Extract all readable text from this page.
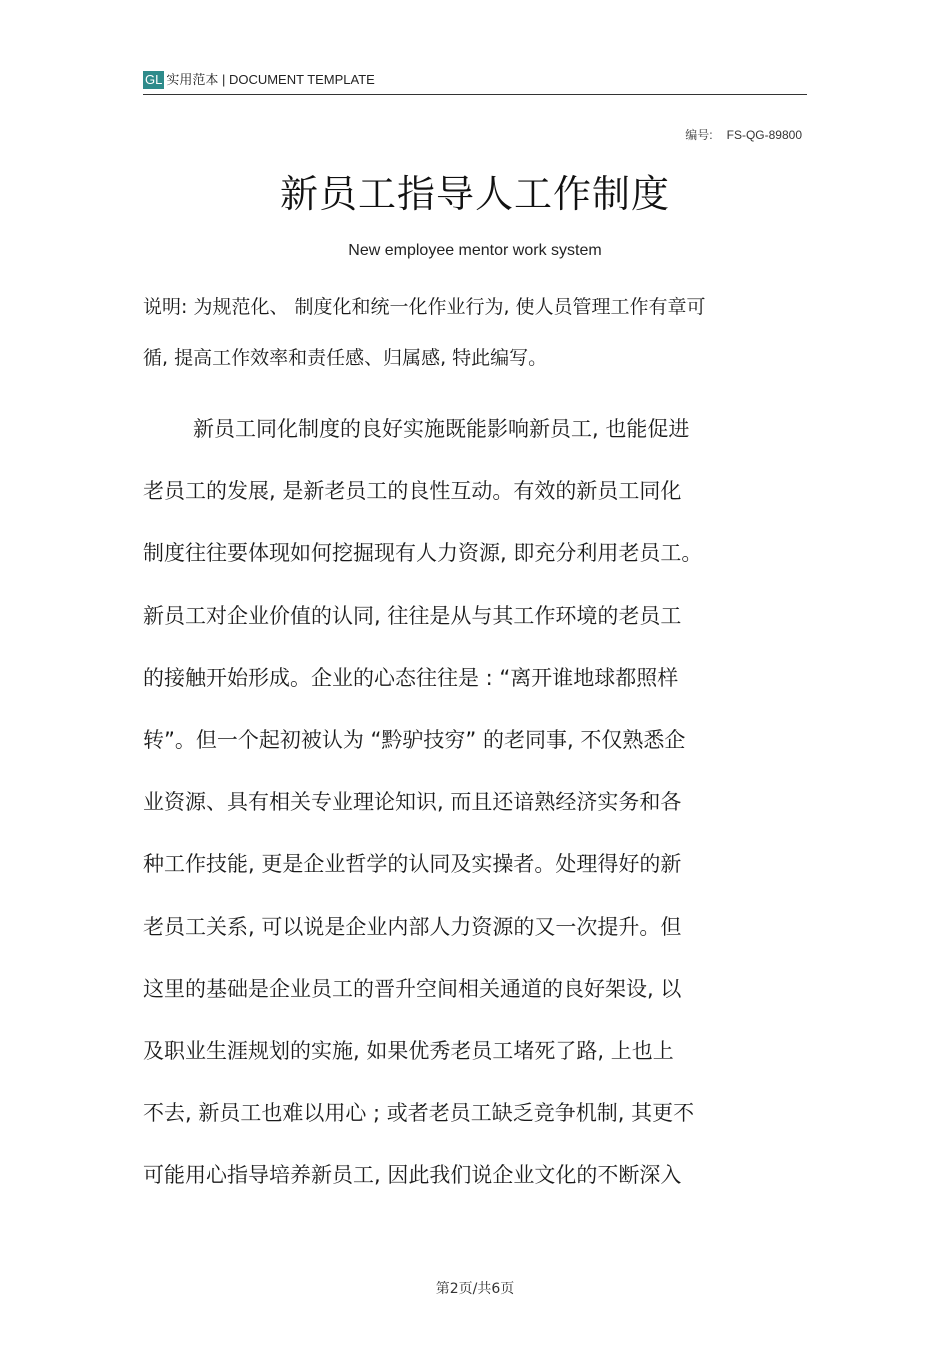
GL 实用范本 | DOCUMENT TEMPLATE
编号: FS-QG-89800
新员工指导人工作制度
New employee mentor work system

说明: 为规范化、 制度化和统一化作业行为, 使人员管理工作有章可

循, 提高工作效率和责任感、归属感, 特此编写。

新员工同化制度的良好实施既能影响新员工, 也能促进

老员工的发展, 是新老员工的良性互动。有效的新员工同化

制度往往要体现如何挖掘现有人力资源, 即充分利用老员工。

新员工对企业价值的认同, 往往是从与其工作环境的老员工

的接触开始形成。企业的心态往往是 : “离开谁地球都照样

转”。但一个起初被认为 “黔驴技穷” 的老同事, 不仅熟悉企

业资源、具有相关专业理论知识, 而且还谙熟经济实务和各

种工作技能, 更是企业哲学的认同及实操者。处理得好的新

老员工关系, 可以说是企业内部人力资源的又一次提升。但

这里的基础是企业员工的晋升空间相关通道的良好架设, 以

及职业生涯规划的实施, 如果优秀老员工堵死了路, 上也上

不去, 新员工也难以用心 ; 或者老员工缺乏竞争机制, 其更不

可能用心指导培养新员工, 因此我们说企业文化的不断深入

第2页/共6页
